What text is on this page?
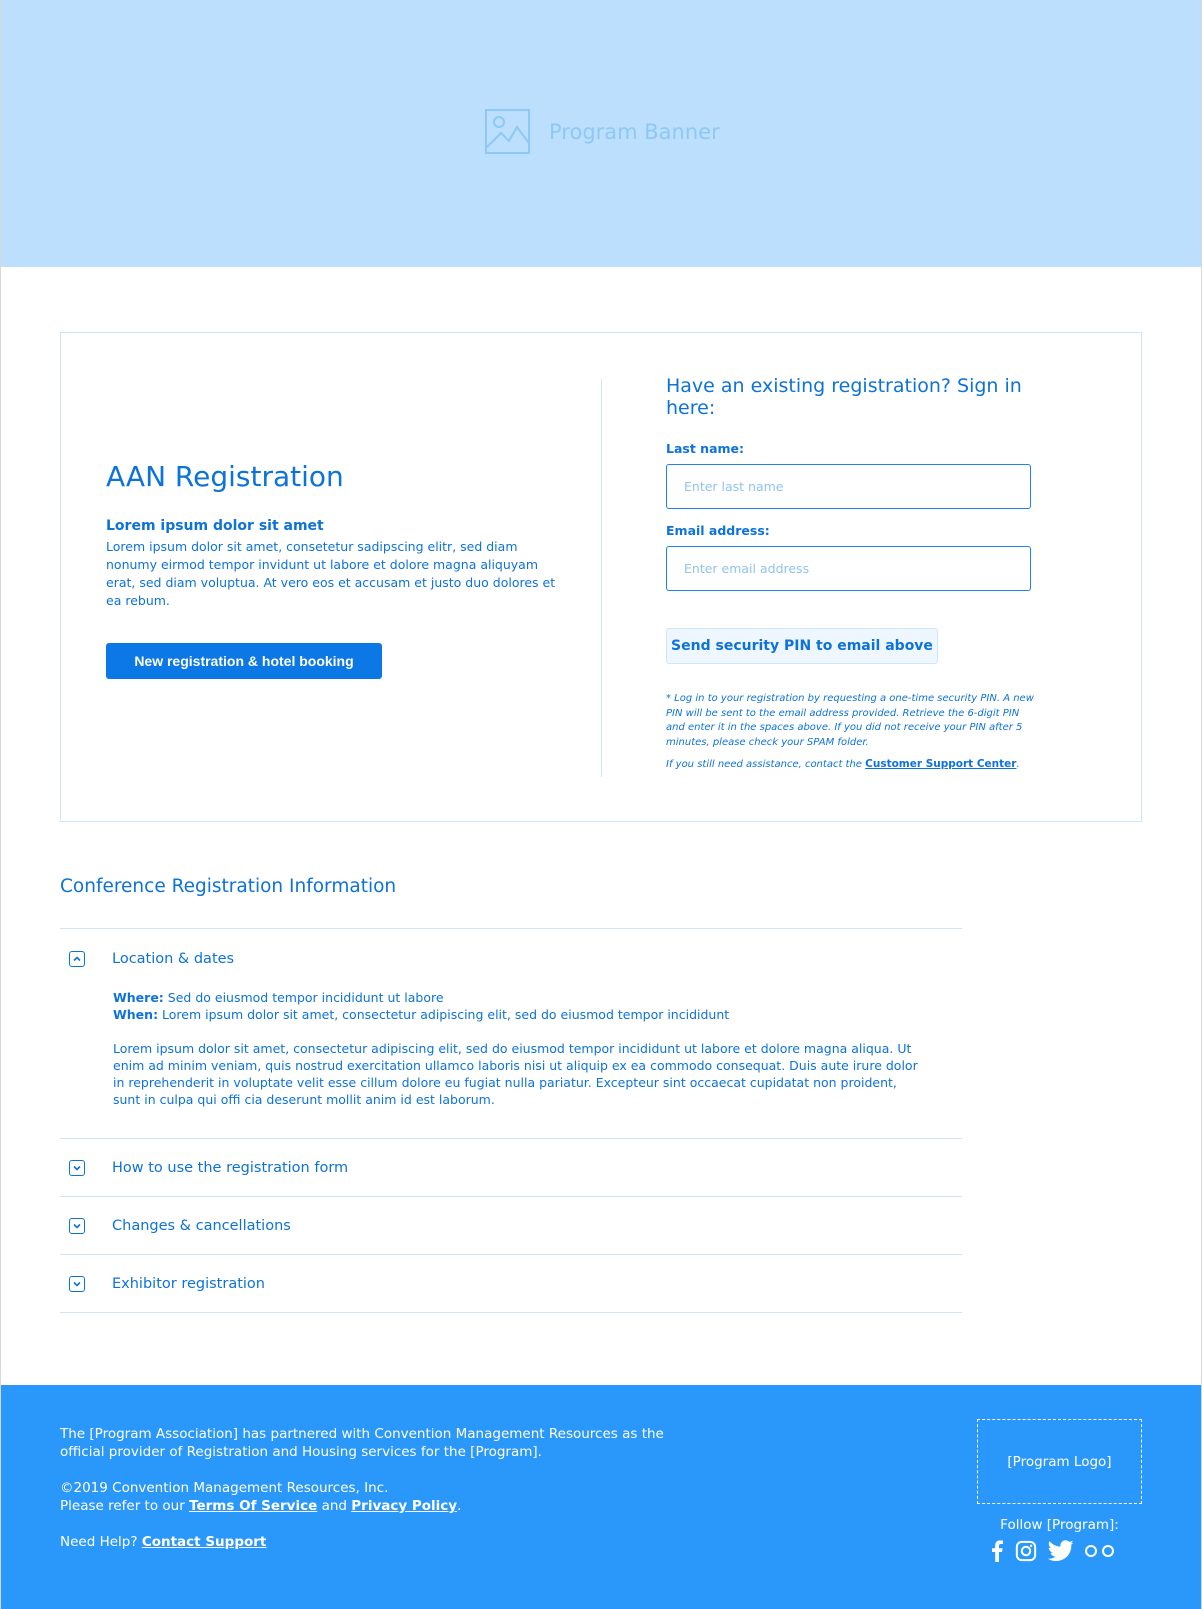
Program Banner
AAN Registration
Lorem ipsum dolor sit amet
Lorem ipsum dolor sit amet, consetetur sadipscing elitr, sed diam nonumy eirmod tempor invidunt ut labore et dolore magna aliquyam erat, sed diam voluptua. At vero eos et accusam et justo duo dolores et ea rebum.
New registration & hotel booking
Have an existing registration? Sign in here:
Last name:
Enter last name
Email address:
Enter email address Send security PIN to email above
* Log in to your registration by requesting a one-time security PIN. A new PIN will be sent to the email address provided. Retrieve the 6-digit PIN and enter it in the spaces above. If you did not receive your PIN after 5 minutes, please check your SPAM folder.
If you still need assistance, contact the Customer Support Center.
Conference Registration Information
Location & dates
Where: Sed do eiusmod tempor incididunt ut labore
When: Lorem ipsum dolor sit amet, consectetur adipiscing elit, sed do eiusmod tempor incididunt

Lorem ipsum dolor sit amet, consectetur adipiscing elit, sed do eiusmod tempor incididunt ut labore et dolore magna aliqua. Ut enim ad minim veniam, quis nostrud exercitation ullamco laboris nisi ut aliquip ex ea commodo consequat. Duis aute irure dolor in reprehenderit in voluptate velit esse cillum dolore eu fugiat nulla pariatur. Excepteur sint occaecat cupidatat non proident, sunt in culpa qui offi cia deserunt mollit anim id est laborum.

How to use the registration form
Changes & cancellations
Exhibitor registration

The [Program Association] has partnered with Convention Management Resources as the official provider of Registration and Housing services for the [Program].

©2019 Convention Management Resources, Inc.

Please refer to our Terms Of Service and Privacy Policy.

Need Help? Contact Support

[Program Logo]
Follow [Program]:
